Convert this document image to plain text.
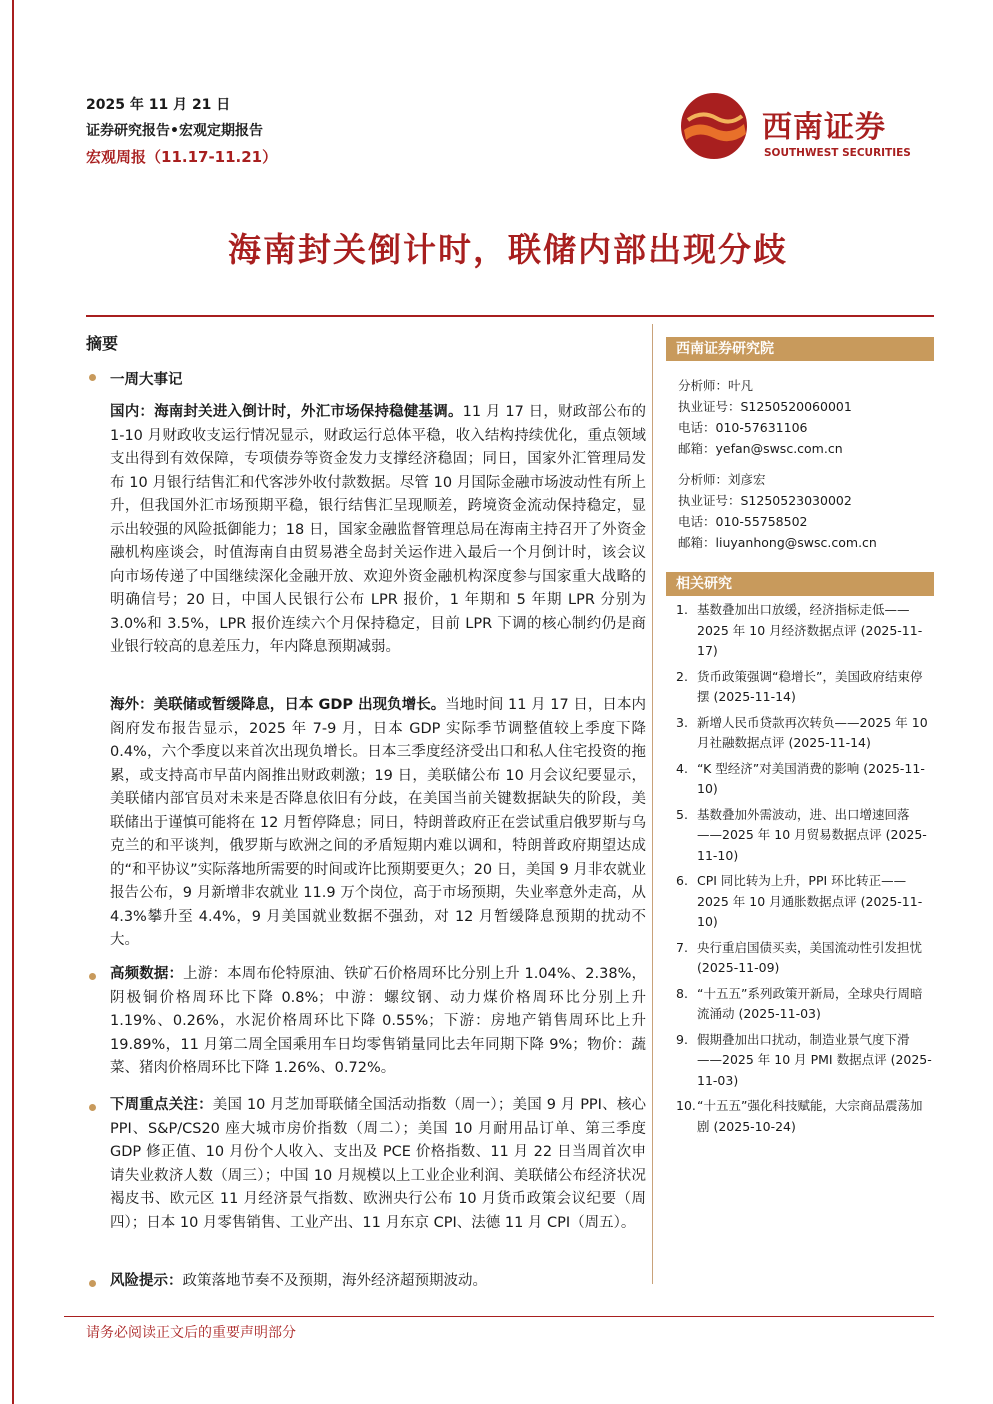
2025 年 11 月 21 日
证券研究报告•宏观定期报告
宏观周报（11.17-11.21）
西南证券
SOUTHWEST SECURITIES
海南封关倒计时，联储内部出现分歧
摘要
一周大事记
国内：海南封关进入倒计时，外汇市场保持稳健基调。11 月 17 日，财政部公布的 1-10 月财政收支运行情况显示，财政运行总体平稳，收入结构持续优化，重点领域支出得到有效保障，专项债券等资金发力支撑经济稳固；同日，国家外汇管理局发布 10 月银行结售汇和代客涉外收付款数据。尽管 10 月国际金融市场波动性有所上升，但我国外汇市场预期平稳，银行结售汇呈现顺差，跨境资金流动保持稳定，显示出较强的风险抵御能力；18 日，国家金融监督管理总局在海南主持召开了外资金融机构座谈会，时值海南自由贸易港全岛封关运作进入最后一个月倒计时，该会议向市场传递了中国继续深化金融开放、欢迎外资金融机构深度参与国家重大战略的明确信号；20 日，中国人民银行公布 LPR 报价，1 年期和 5 年期 LPR 分别为 3.0%和 3.5%，LPR 报价连续六个月保持稳定，目前 LPR 下调的核心制约仍是商业银行较高的息差压力，年内降息预期减弱。
海外：美联储或暂缓降息，日本 GDP 出现负增长。当地时间 11 月 17 日，日本内阁府发布报告显示，2025 年 7-9 月，日本 GDP 实际季节调整值较上季度下降 0.4%，六个季度以来首次出现负增长。日本三季度经济受出口和私人住宅投资的拖累，或支持高市早苗内阁推出财政刺激；19 日，美联储公布 10 月会议纪要显示，美联储内部官员对未来是否降息依旧有分歧，在美国当前关键数据缺失的阶段，美联储出于谨慎可能将在 12 月暂停降息；同日，特朗普政府正在尝试重启俄罗斯与乌克兰的和平谈判，俄罗斯与欧洲之间的矛盾短期内难以调和，特朗普政府期望达成的“和平协议”实际落地所需要的时间或许比预期要更久；20 日，美国 9 月非农就业报告公布，9 月新增非农就业 11.9 万个岗位，高于市场预期，失业率意外走高，从 4.3%攀升至 4.4%，9 月美国就业数据不强劲，对 12 月暂缓降息预期的扰动不大。
高频数据：上游：本周布伦特原油、铁矿石价格周环比分别上升 1.04%、2.38%，阴极铜价格周环比下降 0.8%；中游：螺纹钢、动力煤价格周环比分别上升 1.19%、0.26%，水泥价格周环比下降 0.55%；下游：房地产销售周环比上升 19.89%，11 月第二周全国乘用车日均零售销量同比去年同期下降 9%；物价：蔬菜、猪肉价格周环比下降 1.26%、0.72%。
下周重点关注：美国 10 月芝加哥联储全国活动指数（周一）；美国 9 月 PPI、核心 PPI、S&P/CS20 座大城市房价指数（周二）；美国 10 月耐用品订单、第三季度 GDP 修正值、10 月份个人收入、支出及 PCE 价格指数、11 月 22 日当周首次申请失业救济人数（周三）；中国 10 月规模以上工业企业利润、美联储公布经济状况褐皮书、欧元区 11 月经济景气指数、欧洲央行公布 10 月货币政策会议纪要（周四）；日本 10 月零售销售、工业产出、11 月东京 CPI、法德 11 月 CPI（周五）。
风险提示：政策落地节奏不及预期，海外经济超预期波动。
西南证券研究院
分析师：叶凡
执业证号：S1250520060001
电话：010-57631106
邮箱：yefan@swsc.com.cn
分析师：刘彦宏
执业证号：S1250523030002
电话：010-55758502
邮箱：liuyanhong@swsc.com.cn
相关研究
1. 基数叠加出口放缓，经济指标走低——2025 年 10 月经济数据点评 (2025-11-17)
2. 货币政策强调“稳增长”，美国政府结束停摆 (2025-11-14)
3. 新增人民币贷款再次转负——2025 年 10 月社融数据点评 (2025-11-14)
4. “K 型经济”对美国消费的影响 (2025-11-10)
5. 基数叠加外需波动，进、出口增速回落——2025 年 10 月贸易数据点评 (2025-11-10)
6. CPI 同比转为上升，PPI 环比转正——2025 年 10 月通胀数据点评 (2025-11-10)
7. 央行重启国债买卖，美国流动性引发担忧 (2025-11-09)
8. “十五五”系列政策开新局，全球央行周暗流涌动 (2025-11-03)
9. 假期叠加出口扰动，制造业景气度下滑——2025 年 10 月 PMI 数据点评 (2025-11-03)
10. “十五五”强化科技赋能，大宗商品震荡加剧 (2025-10-24)
请务必阅读正文后的重要声明部分
